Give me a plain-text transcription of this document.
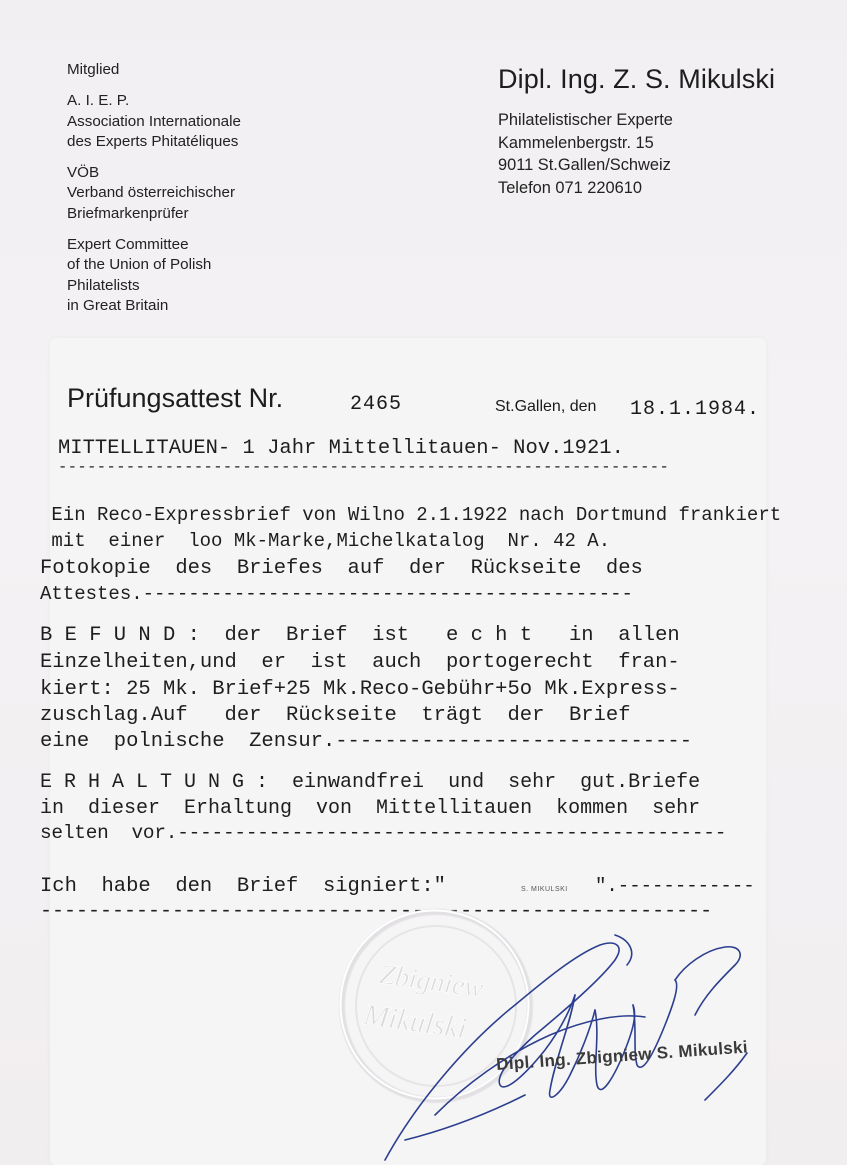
Mitglied
A. I. E. P.
Association Internationale
des Experts Phitatéliques
VÖB
Verband österreichischer
Briefmarkenprüfer
Expert Committee
of the Union of Polish
Philatelists
in Great Britain
Dipl. Ing. Z. S. Mikulski
Philatelistischer Experte
Kammelenbergstr. 15
9011 St.Gallen/Schweiz
Telefon 071 220610
Prüfungsattest Nr.	2465	St.Gallen, den 18.1.1984.

MITTELLITAUEN- 1 Jahr Mittellitauen- Nov.1921.

---------------------------------------------------------------

Ein Reco-Expressbrief von Wilno 2.1.1922 nach Dortmund frankiert

mit  einer  loo Mk-Marke,Michelkatalog  Nr. 42 A.

Fotokopie  des  Briefes  auf  der  Rückseite  des

Attestes.-------------------------------------------

B E F U N D :  der  Brief  ist   e c h t   in  allen

Einzelheiten,und  er  ist  auch  portogerecht  fran-

kiert: 25 Mk. Brief+25 Mk.Reco-Gebühr+5o Mk.Express-

zuschlag.Auf   der  Rückseite  trägt  der  Brief

eine  polnische  Zensur.-----------------------------

E R H A L T U N G :  einwandfrei  und  sehr  gut.Briefe

in  dieser  Erhaltung  von  Mittellitauen  kommen  sehr

selten  vor.------------------------------------------------

Ich  habe  den  Brief  signiert:"

	".------------

--------------------------------------------------------

S. MIKULSKI
Zbigniew
Mikulski
Dipl. Ing. Zbigniew S. Mikulski
